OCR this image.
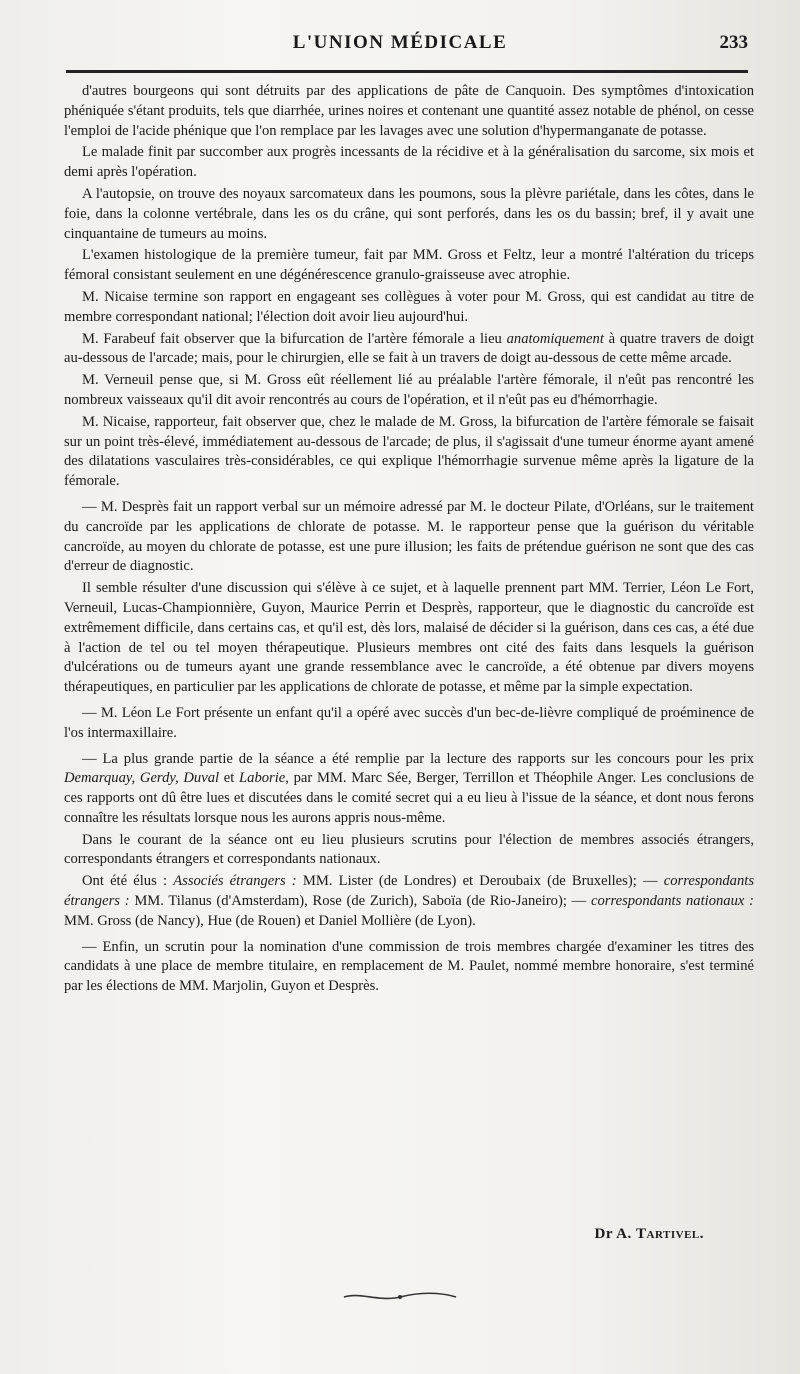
L'UNION MÉDICALE	233

d'autres bourgeons qui sont détruits par des applications de pâte de Canquoin. Des symptômes d'intoxication phéniquée s'étant produits, tels que diarrhée, urines noires et contenant une quantité assez notable de phénol, on cesse l'emploi de l'acide phénique que l'on remplace par les lavages avec une solution d'hypermanganate de potasse.

Le malade finit par succomber aux progrès incessants de la récidive et à la généralisation du sarcome, six mois et demi après l'opération.

A l'autopsie, on trouve des noyaux sarcomateux dans les poumons, sous la plèvre pariétale, dans les côtes, dans le foie, dans la colonne vertébrale, dans les os du crâne, qui sont perforés, dans les os du bassin; bref, il y avait une cinquantaine de tumeurs au moins.

L'examen histologique de la première tumeur, fait par MM. Gross et Feltz, leur a montré l'altération du triceps fémoral consistant seulement en une dégénérescence granulo-graisseuse avec atrophie.

M. Nicaise termine son rapport en engageant ses collègues à voter pour M. Gross, qui est candidat au titre de membre correspondant national; l'élection doit avoir lieu aujourd'hui.

M. Farabeuf fait observer que la bifurcation de l'artère fémorale a lieu anatomiquement à quatre travers de doigt au-dessous de l'arcade; mais, pour le chirurgien, elle se fait à un travers de doigt au-dessous de cette même arcade.

M. Verneuil pense que, si M. Gross eût réellement lié au préalable l'artère fémorale, il n'eût pas rencontré les nombreux vaisseaux qu'il dit avoir rencontrés au cours de l'opération, et il n'eût pas eu d'hémorrhagie.

M. Nicaise, rapporteur, fait observer que, chez le malade de M. Gross, la bifurcation de l'artère fémorale se faisait sur un point très-élevé, immédiatement au-dessous de l'arcade; de plus, il s'agissait d'une tumeur énorme ayant amené des dilatations vasculaires très-considérables, ce qui explique l'hémorrhagie survenue même après la ligature de la fémorale.

— M. Desprès fait un rapport verbal sur un mémoire adressé par M. le docteur Pilate, d'Orléans, sur le traitement du cancroïde par les applications de chlorate de potasse. M. le rapporteur pense que la guérison du véritable cancroïde, au moyen du chlorate de potasse, est une pure illusion; les faits de prétendue guérison ne sont que des cas d'erreur de diagnostic.

Il semble résulter d'une discussion qui s'élève à ce sujet, et à laquelle prennent part MM. Terrier, Léon Le Fort, Verneuil, Lucas-Championnière, Guyon, Maurice Perrin et Desprès, rapporteur, que le diagnostic du cancroïde est extrêmement difficile, dans certains cas, et qu'il est, dès lors, malaisé de décider si la guérison, dans ces cas, a été due à l'action de tel ou tel moyen thérapeutique. Plusieurs membres ont cité des faits dans lesquels la guérison d'ulcérations ou de tumeurs ayant une grande ressemblance avec le cancroïde, a été obtenue par divers moyens thérapeutiques, en particulier par les applications de chlorate de potasse, et même par la simple expectation.

— M. Léon Le Fort présente un enfant qu'il a opéré avec succès d'un bec-de-lièvre compliqué de proéminence de l'os intermaxillaire.

— La plus grande partie de la séance a été remplie par la lecture des rapports sur les concours pour les prix Demarquay, Gerdy, Duval et Laborie, par MM. Marc Sée, Berger, Terrillon et Théophile Anger. Les conclusions de ces rapports ont dû être lues et discutées dans le comité secret qui a eu lieu à l'issue de la séance, et dont nous ferons connaître les résultats lorsque nous les aurons appris nous-même.

Dans le courant de la séance ont eu lieu plusieurs scrutins pour l'élection de membres associés étrangers, correspondants étrangers et correspondants nationaux.

Ont été élus : Associés étrangers : MM. Lister (de Londres) et Deroubaix (de Bruxelles); — correspondants étrangers : MM. Tilanus (d'Amsterdam), Rose (de Zurich), Saboïa (de Rio-Janeiro); — correspondants nationaux : MM. Gross (de Nancy), Hue (de Rouen) et Daniel Mollière (de Lyon).

— Enfin, un scrutin pour la nomination d'une commission de trois membres chargée d'examiner les titres des candidats à une place de membre titulaire, en remplacement de M. Paulet, nommé membre honoraire, s'est terminé par les élections de MM. Marjolin, Guyon et Desprès.

Dr A. Tartivel.
